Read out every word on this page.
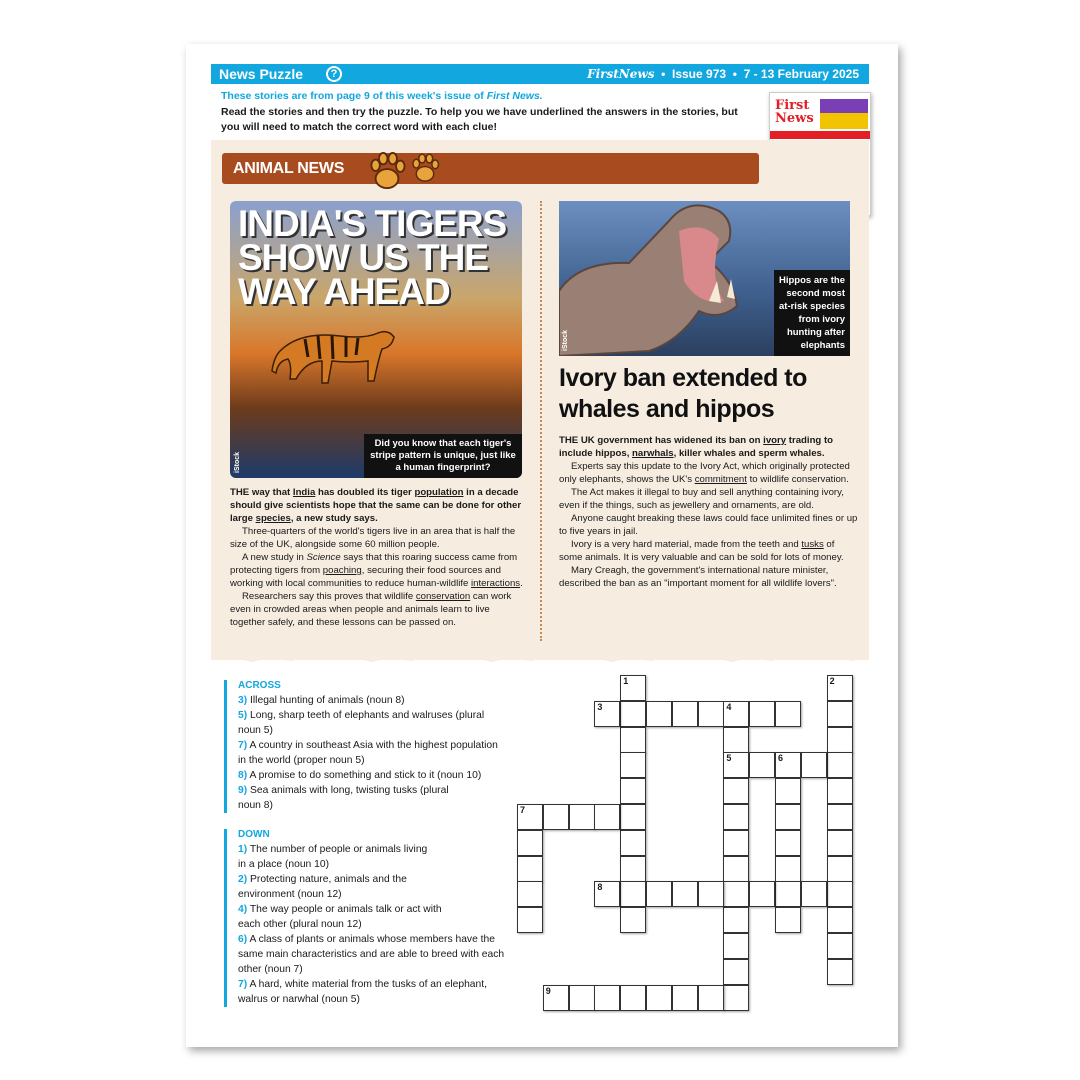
News Puzzle	?	FirstNews  •  Issue 973  •  7 - 13 February 2025
These stories are from page 9 of this week's issue of First News.
Read the stories and then try the puzzle. To help you we have underlined the answers in the stories, but you will need to match the correct word with each clue!
First News
ANIMAL NEWS
INDIA'S TIGERS SHOW US THE WAY AHEAD
Did you know that each tiger's stripe pattern is unique, just like a human fingerprint?
iStock
Hippos are the second most at-risk species from ivory hunting after elephants
iStock
Ivory ban extended to whales and hippos

THE way that India has doubled its tiger population in a decade should give scientists hope that the same can be done for other large species, a new study says.

Three-quarters of the world's tigers live in an area that is half the size of the UK, alongside some 60 million people.

A new study in Science says that this roaring success came from protecting tigers from poaching, securing their food sources and working with local communities to reduce human-wildlife interactions.

Researchers say this proves that wildlife conservation can work even in crowded areas when people and animals learn to live together safely, and these lessons can be passed on.

THE UK government has widened its ban on ivory trading to include hippos, narwhals, killer whales and sperm whales.

Experts say this update to the Ivory Act, which originally protected only elephants, shows the UK's commitment to wildlife conservation.

The Act makes it illegal to buy and sell anything containing ivory, even if the things, such as jewellery and ornaments, are old.

Anyone caught breaking these laws could face unlimited fines or up to five years in jail.

Ivory is a very hard material, made from the teeth and tusks of some animals. It is very valuable and can be sold for lots of money.

Mary Creagh, the government's international nature minister, described the ban as an "important moment for all wildlife lovers".

ACROSS
3) Illegal hunting of animals (noun 8)
5) Long, sharp teeth of elephants and walruses (plural noun 5)
7) A country in southeast Asia with the highest population in the world (proper noun 5)
8) A promise to do something and stick to it (noun 10)
9) Sea animals with long, twisting tusks (plural noun 8)
DOWN
1) The number of people or animals living in a place (noun 10)
2) Protecting nature, animals and the environment (noun 12)
4) The way people or animals talk or act with each other (plural noun 12)
6) A class of plants or animals whose members have the same main characteristics and are able to breed with each other (noun 7)
7) A hard, white material from the tusks of an elephant, walrus or narwhal (noun 5)
1	2
3	4
5	6
7
8
9
